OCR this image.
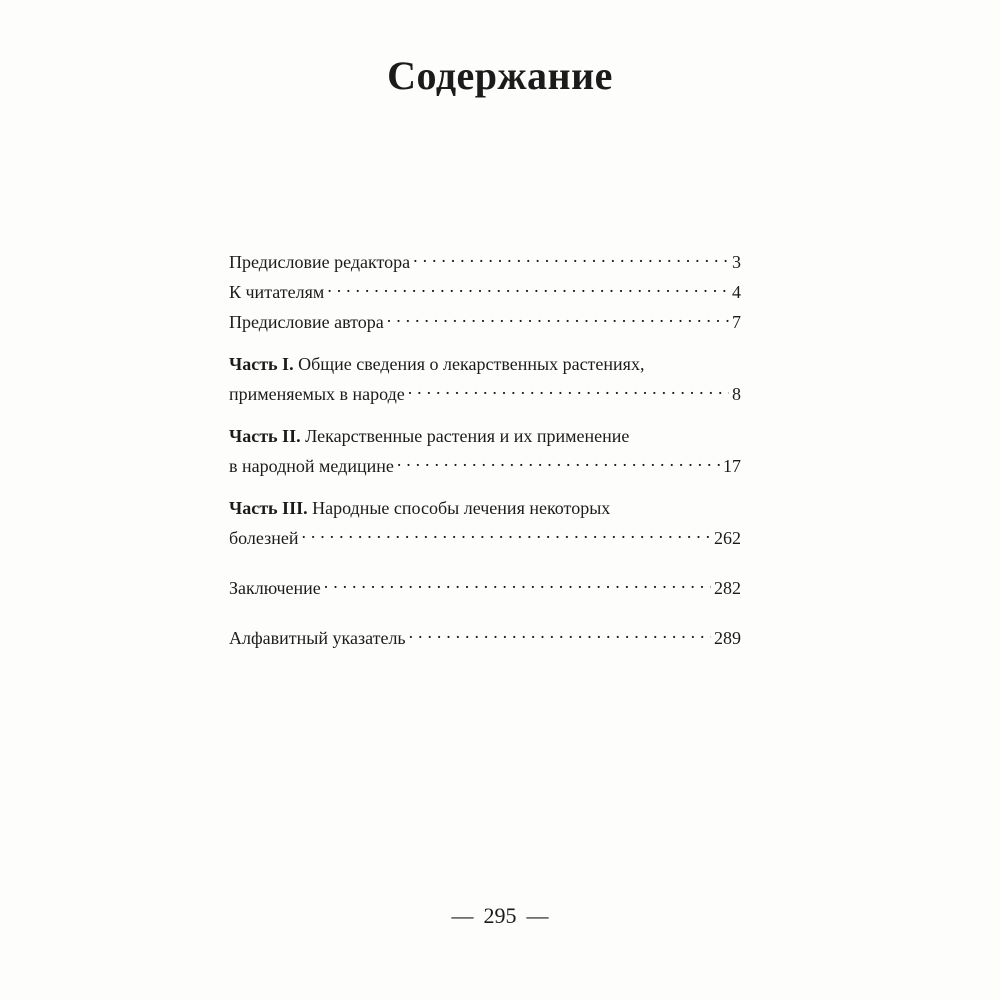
Содержание
Предисловие редактора . . .	3
К читателям . . .	4
Предисловие автора . . .	7
Часть I.
Общие сведения о лекарственных растениях,
применяемых в народе . . .	8
Часть II.
Лекарственные растения и их применение
в народной медицине . . .	17
Часть III.
Народные способы лечения некоторых
болезней . . .	262
Заключение . . .	282
Алфавитный указатель . . .	289
— 295 —
